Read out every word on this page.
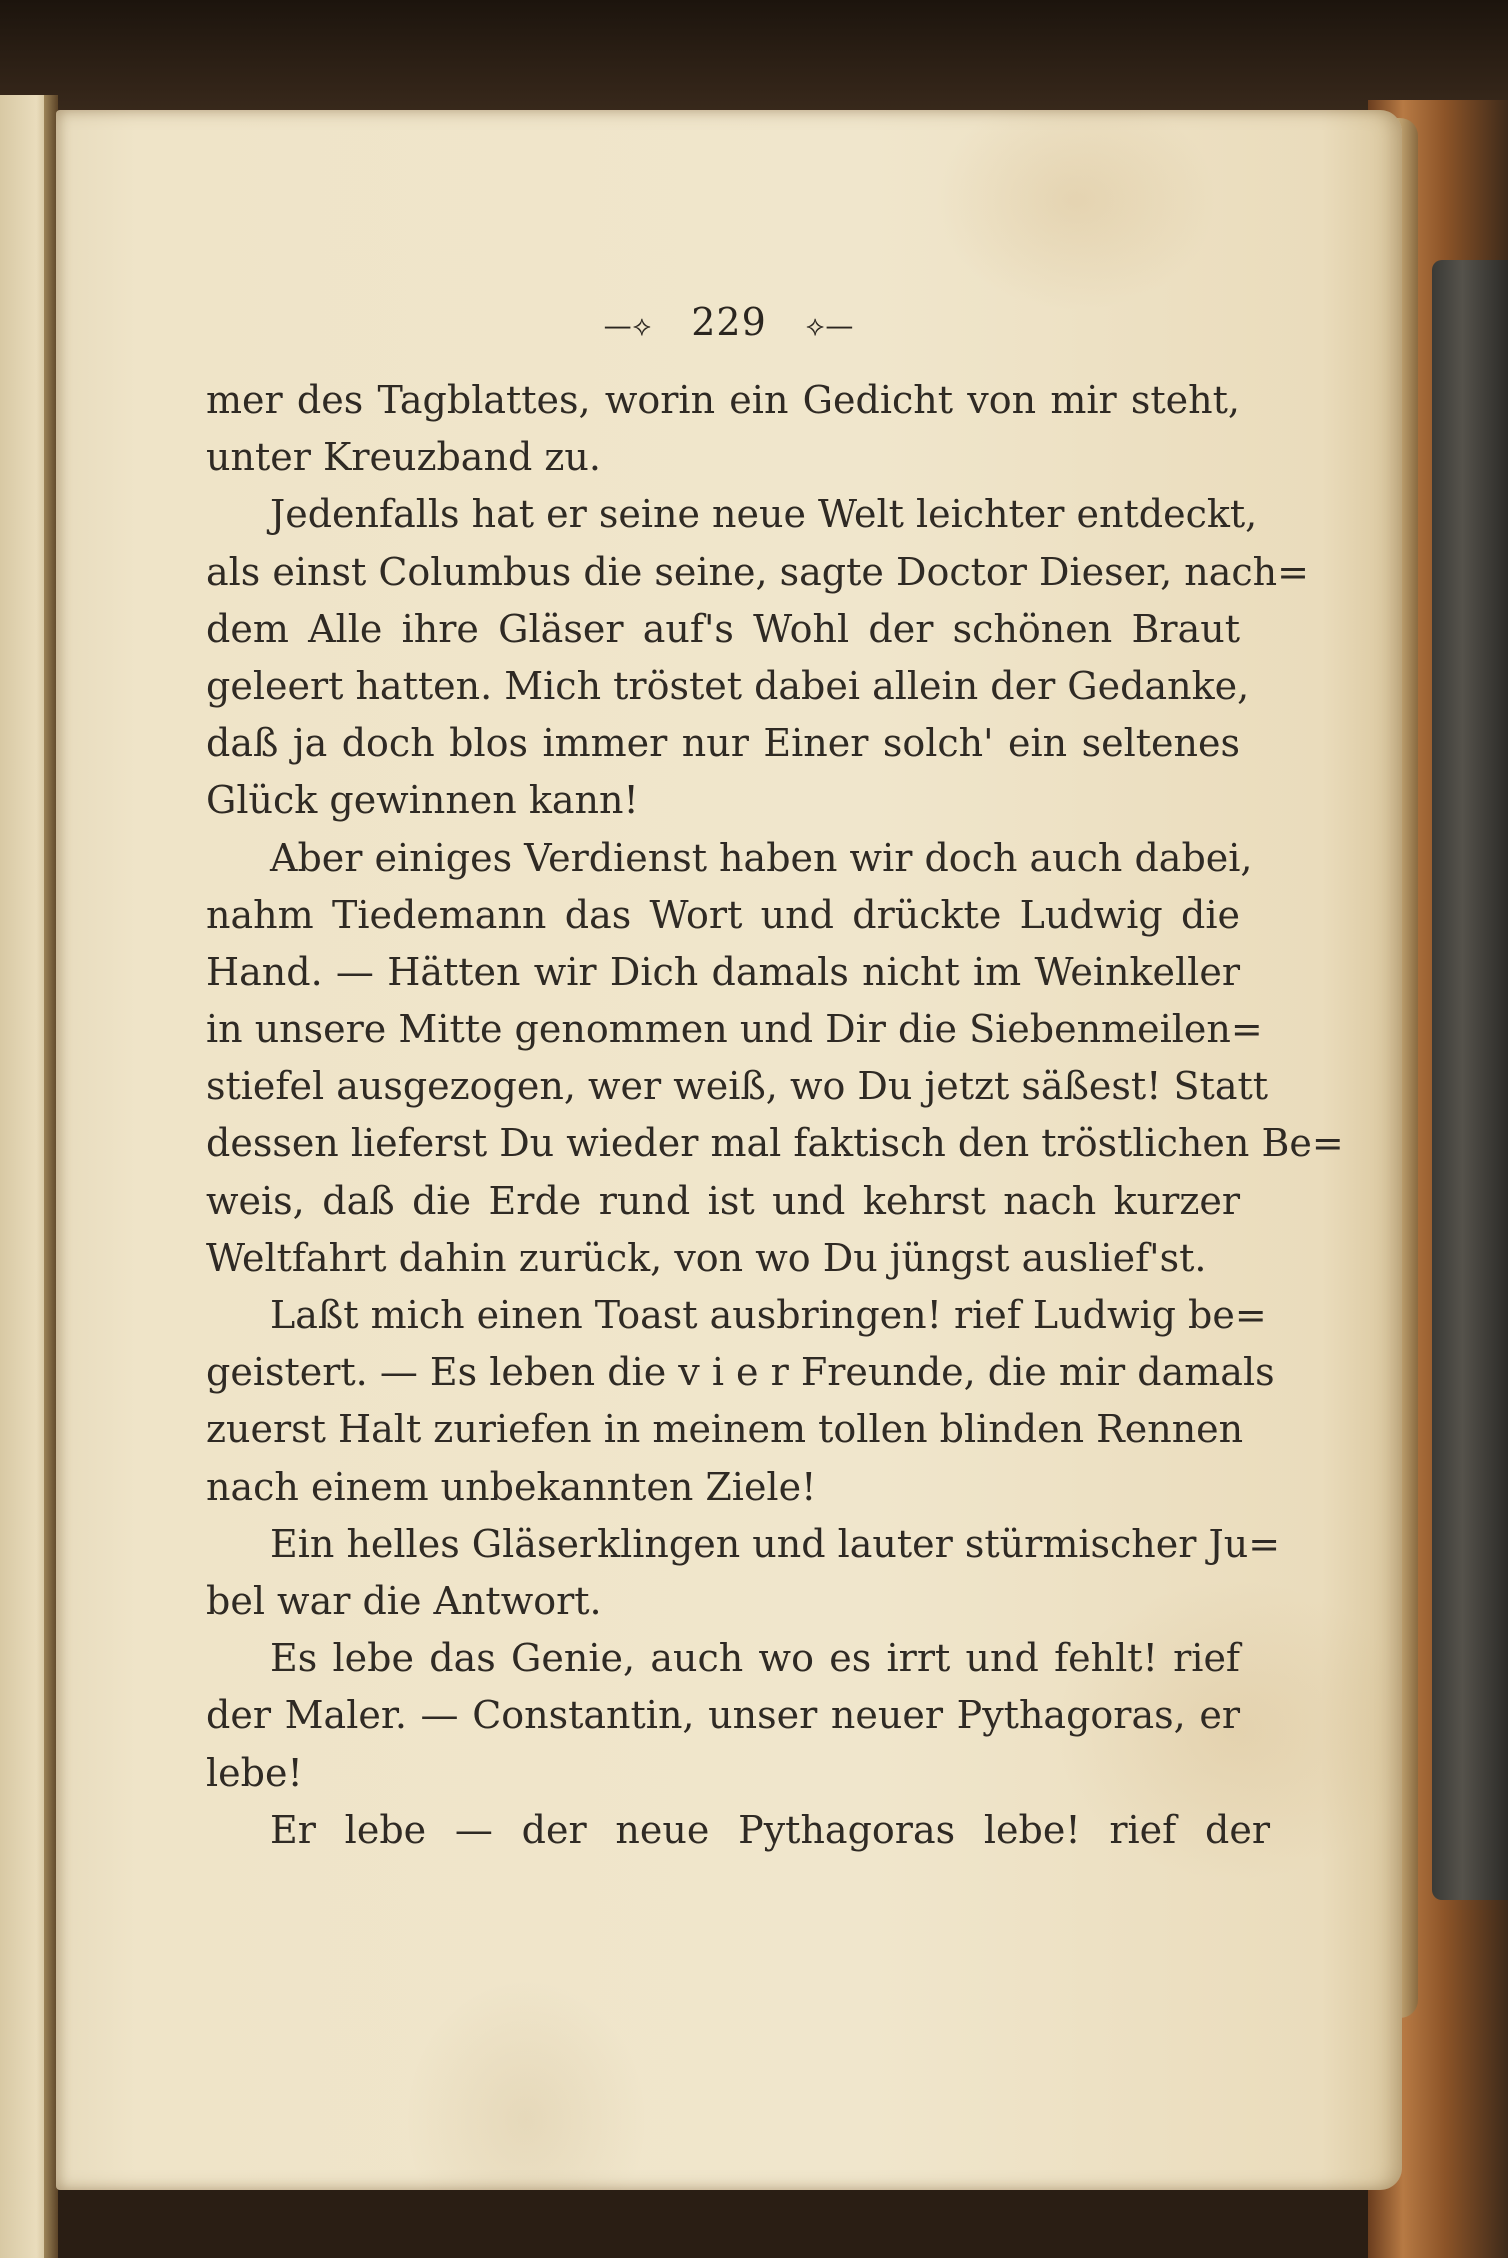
—⟡ 229 ⟡—
mer des Tagblattes, worin ein Gedicht von mir steht,
unter Kreuzband zu.
Jedenfalls hat er seine neue Welt leichter entdeckt,
als einst Columbus die seine, sagte Doctor Dieser, nach=
dem Alle ihre Gläser auf's Wohl der schönen Braut
geleert hatten. Mich tröstet dabei allein der Gedanke,
daß ja doch blos immer nur Einer solch' ein seltenes
Glück gewinnen kann!
Aber einiges Verdienst haben wir doch auch dabei,
nahm Tiedemann das Wort und drückte Ludwig die
Hand. — Hätten wir Dich damals nicht im Weinkeller
in unsere Mitte genommen und Dir die Siebenmeilen=
stiefel ausgezogen, wer weiß, wo Du jetzt säßest! Statt
dessen lieferst Du wieder mal faktisch den tröstlichen Be=
weis, daß die Erde rund ist und kehrst nach kurzer
Weltfahrt dahin zurück, von wo Du jüngst auslief'st.
Laßt mich einen Toast ausbringen! rief Ludwig be=
geistert. — Es leben die v i e r Freunde, die mir damals
zuerst Halt zuriefen in meinem tollen blinden Rennen
nach einem unbekannten Ziele!
Ein helles Gläserklingen und lauter stürmischer Ju=
bel war die Antwort.
Es lebe das Genie, auch wo es irrt und fehlt! rief
der Maler. — Constantin, unser neuer Pythagoras, er
lebe!
Er lebe — der neue Pythagoras lebe! rief der
